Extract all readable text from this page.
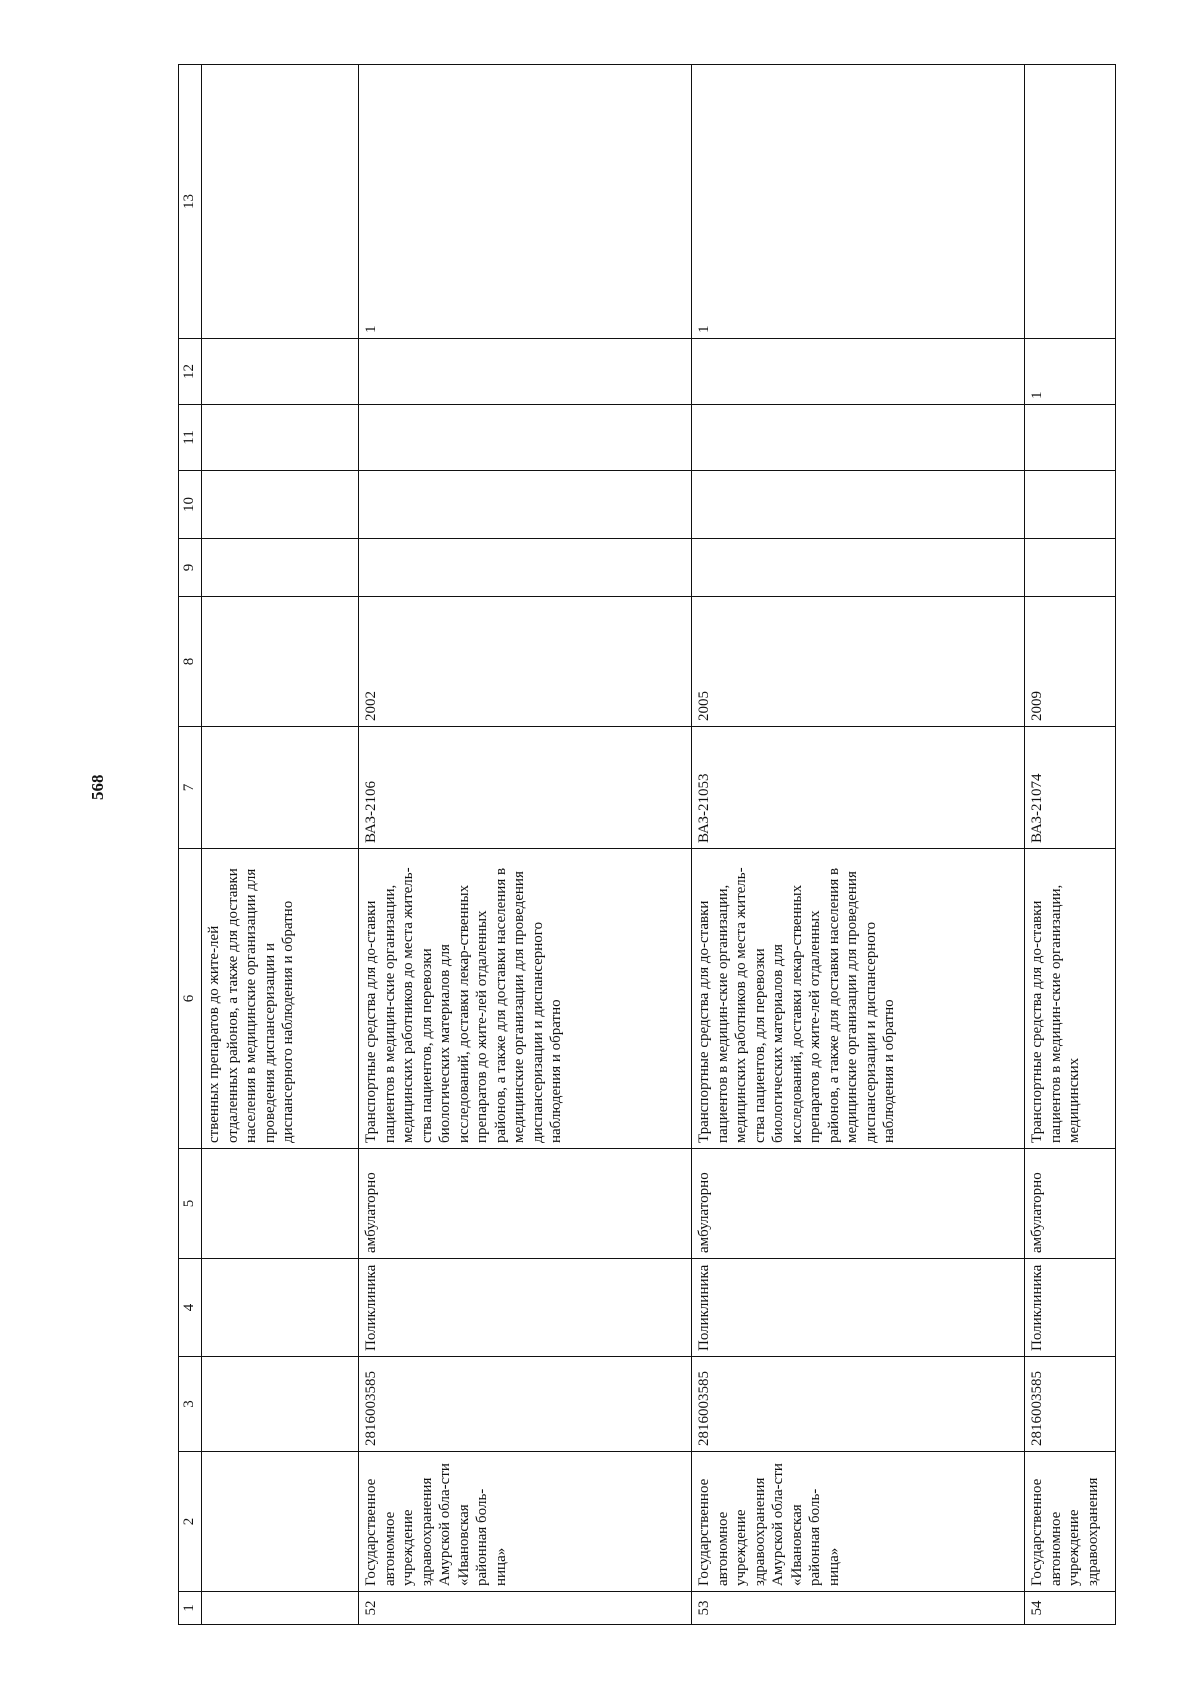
568
1	2	3	4	5	6	7	8	9	10	11	12	13
					ственных препаратов до жите-лей отдаленных районов, а также для доставки населения в медицинские организации для проведения диспансеризации и диспансерного наблюдения и обратно							
52	Государственное автономное учреждение здравоохранения Амурской обла-сти «Ивановская районная боль-ница»	2816003585	Поликлиника	амбулаторно	Транспортные средства для до-ставки пациентов в медицин-ские организации, медицинских работников до места житель-ства пациентов, для перевозки биологических материалов для исследований, доставки лекар-ственных препаратов до жите-лей отдаленных районов, а также для доставки населения в медицинские организации для проведения диспансеризации и диспансерного наблюдения и обратно	ВАЗ-2106	2002					1
53	Государственное автономное учреждение здравоохранения Амурской обла-сти «Ивановская районная боль-ница»	2816003585	Поликлиника	амбулаторно	Транспортные средства для до-ставки пациентов в медицин-ские организации, медицинских работников до места житель-ства пациентов, для перевозки биологических материалов для исследований, доставки лекар-ственных препаратов до жите-лей отдаленных районов, а также для доставки населения в медицинские организации для проведения диспансеризации и диспансерного наблюдения и обратно	ВАЗ-21053	2005					1
54	Государственное автономное учреждение здравоохранения	2816003585	Поликлиника	амбулаторно	Транспортные средства для до-ставки пациентов в медицин-ские организации, медицинских	ВАЗ-21074	2009				1	
